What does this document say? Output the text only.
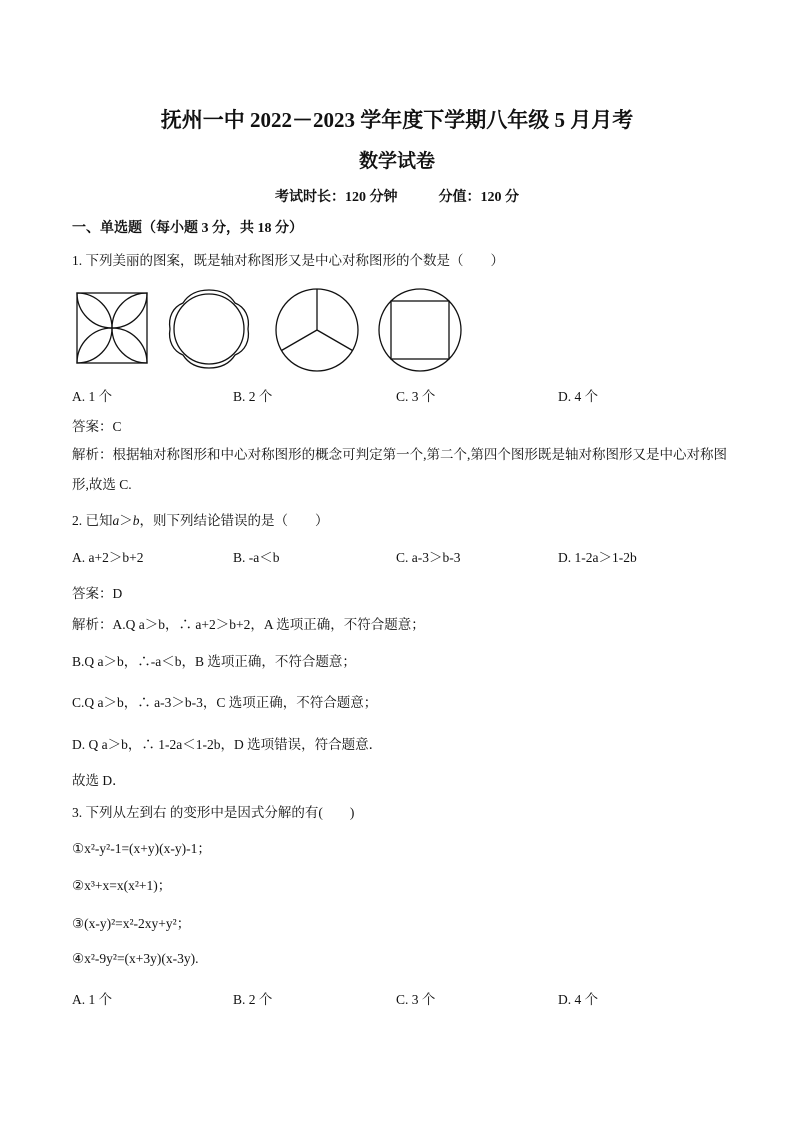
抚州一中 2022－2023 学年度下学期八年级 5 月月考
数学试卷
考试时长：120 分钟	分值：120 分
一、单选题（每小题 3 分，共 18 分）
1. 下列美丽的图案，既是轴对称图形又是中心对称图形的个数是（　　）
A. 1 个	B. 2 个	C. 3 个	D. 4 个
答案：C
解析：根据轴对称图形和中心对称图形的概念可判定第一个,第二个,第四个图形既是轴对称图形又是中心对称图形,故选 C.
2. 已知a＞b，则下列结论错误的是（　　）
A. a+2＞b+2	B. -a＜b	C. a-3＞b-3	D. 1-2a＞1-2b
答案：D
解析：A.Q a＞b，∴ a+2＞b+2，A 选项正确，不符合题意；
B.Q a＞b，∴-a＜b，B 选项正确，不符合题意；
C.Q a＞b，∴ a-3＞b-3，C 选项正确，不符合题意；
D. Q a＞b，∴ 1-2a＜1-2b，D 选项错误，符合题意．
故选 D．
3. 下列从左到右 的变形中是因式分解的有(　　)
①x²-y²-1=(x+y)(x-y)-1；
②x³+x=x(x²+1)；
③(x-y)²=x²-2xy+y²；
④x²-9y²=(x+3y)(x-3y).
A. 1 个	B. 2 个	C. 3 个	D. 4 个
